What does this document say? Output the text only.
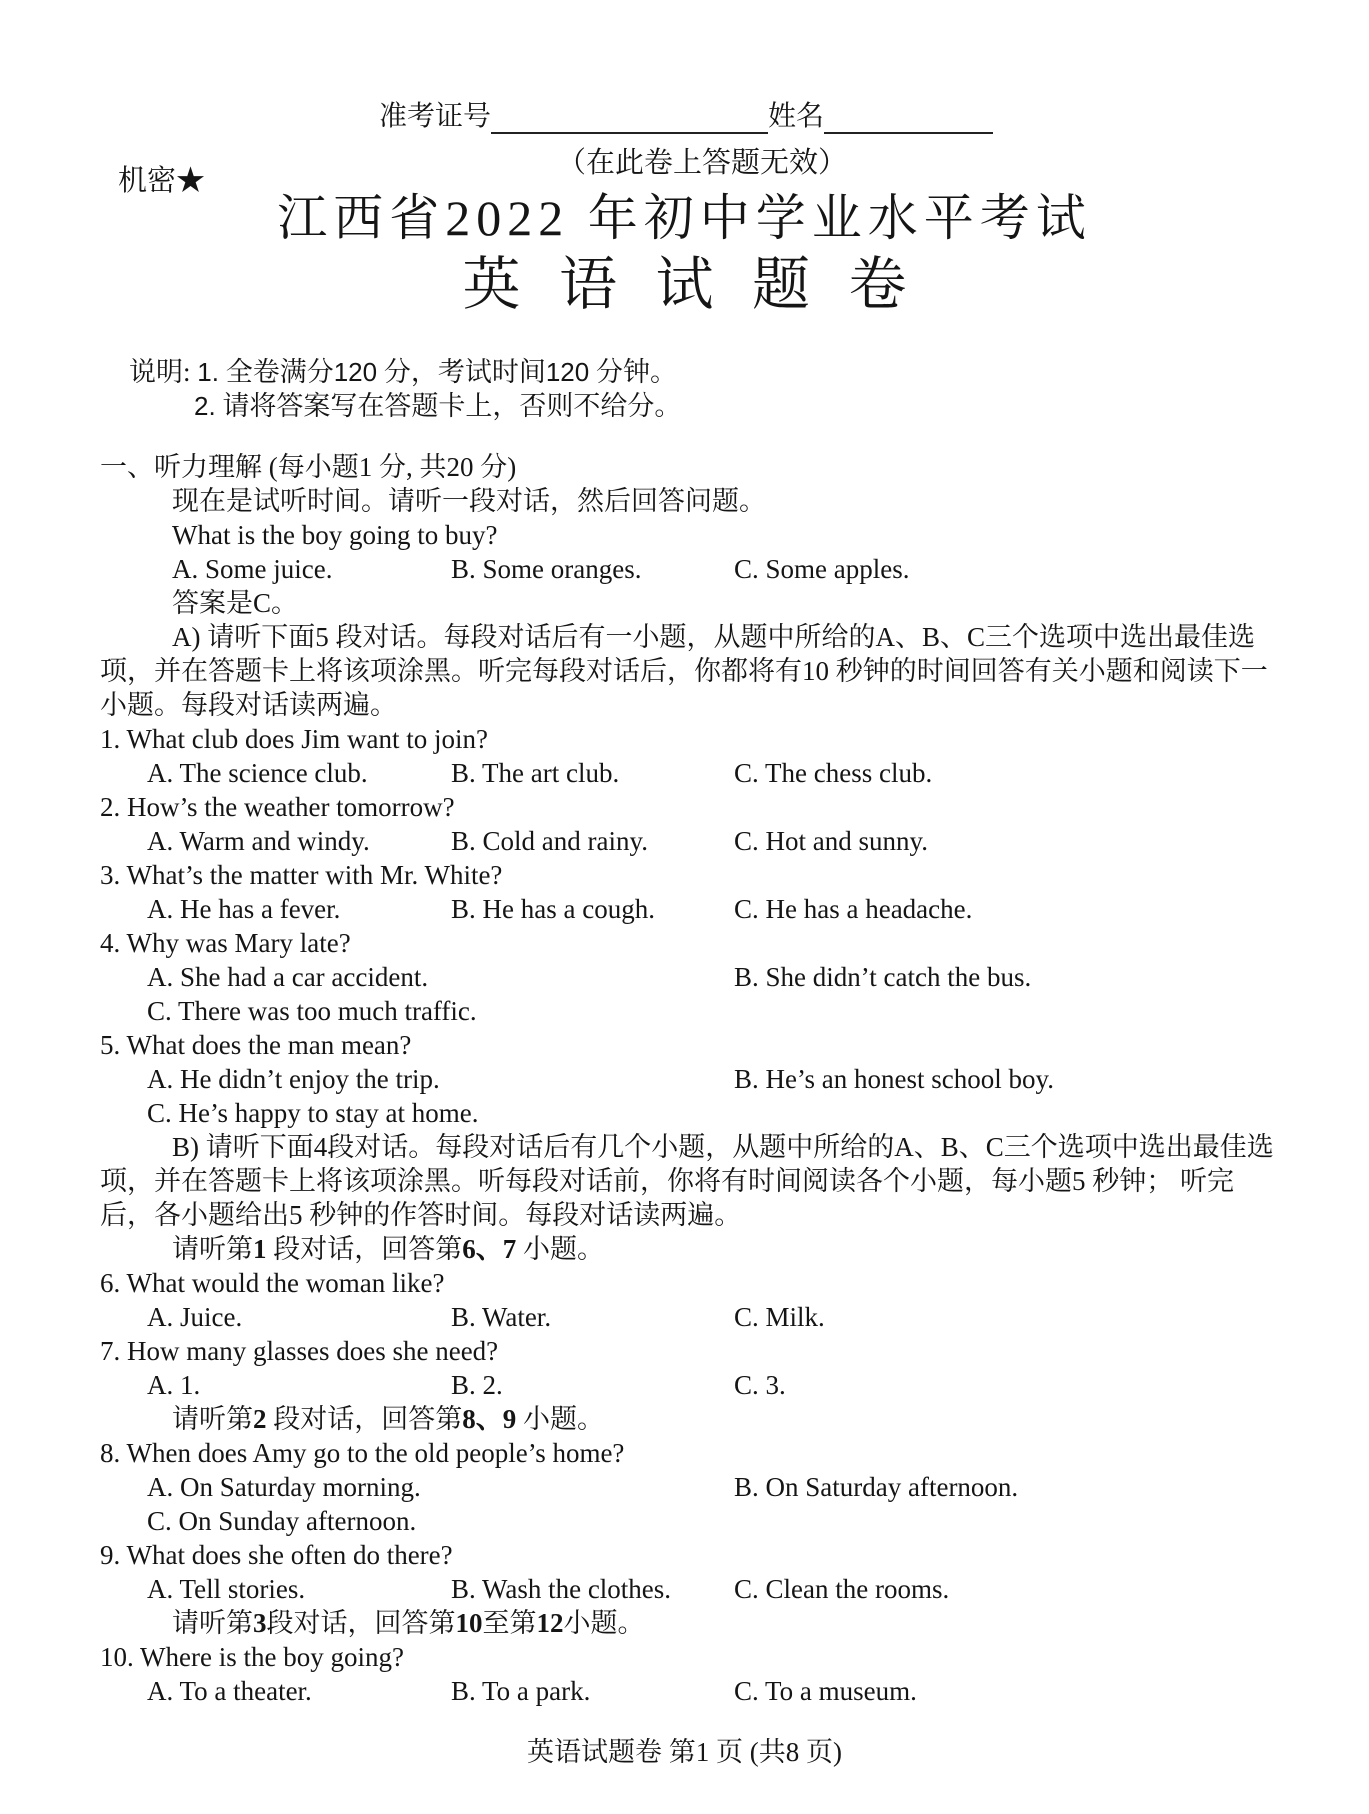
准考证号	姓名
（在此卷上答题无效）
机密★
江西省2022 年初中学业水平考试
英 语 试 题 卷

说明: 1. 全卷满分120 分，考试时间120 分钟。

2. 请将答案写在答题卡上，否则不给分。

一、听力理解 (每小题1 分, 共20 分)

现在是试听时间。请听一段对话，然后回答问题。

What is the boy going to buy?

A. Some juice.	B. Some oranges.	C. Some apples.

答案是C。

A) 请听下面5 段对话。每段对话后有一小题，从题中所给的A、B、C三个选项中选出最佳选项，并在答题卡上将该项涂黑。听完每段对话后，你都将有10 秒钟的时间回答有关小题和阅读下一小题。每段对话读两遍。

1. What club does Jim want to join?

A. The science club.	B. The art club.	C. The chess club.

2. How’s the weather tomorrow?

A. Warm and windy.	B. Cold and rainy.	C. Hot and sunny.

3. What’s the matter with Mr. White?

A. He has a fever.	B. He has a cough.	C. He has a headache.

4. Why was Mary late?

A. She had a car accident.	B. She didn’t catch the bus.
C. There was too much traffic.

5. What does the man mean?

A. He didn’t enjoy the trip.	B. He’s an honest school boy.
C. He’s happy to stay at home.

B) 请听下面4段对话。每段对话后有几个小题，从题中所给的A、B、C三个选项中选出最佳选项，并在答题卡上将该项涂黑。听每段对话前，你将有时间阅读各个小题，每小题5 秒钟； 听完后，各小题给出5 秒钟的作答时间。每段对话读两遍。

请听第1 段对话，回答第6、7 小题。

6. What would the woman like?

A. Juice.	B. Water.	C. Milk.

7. How many glasses does she need?

A. 1.	B. 2.	C. 3.

请听第2 段对话，回答第8、9 小题。

8. When does Amy go to the old people’s home?

A. On Saturday morning.	B. On Saturday afternoon.
C. On Sunday afternoon.

9. What does she often do there?

A. Tell stories.	B. Wash the clothes. C. Clean the rooms.

请听第3段对话，回答第10至第12小题。

10. Where is the boy going?

A. To a theater.	B. To a park.	C. To a museum.
英语试题卷 第1 页 (共8 页)
